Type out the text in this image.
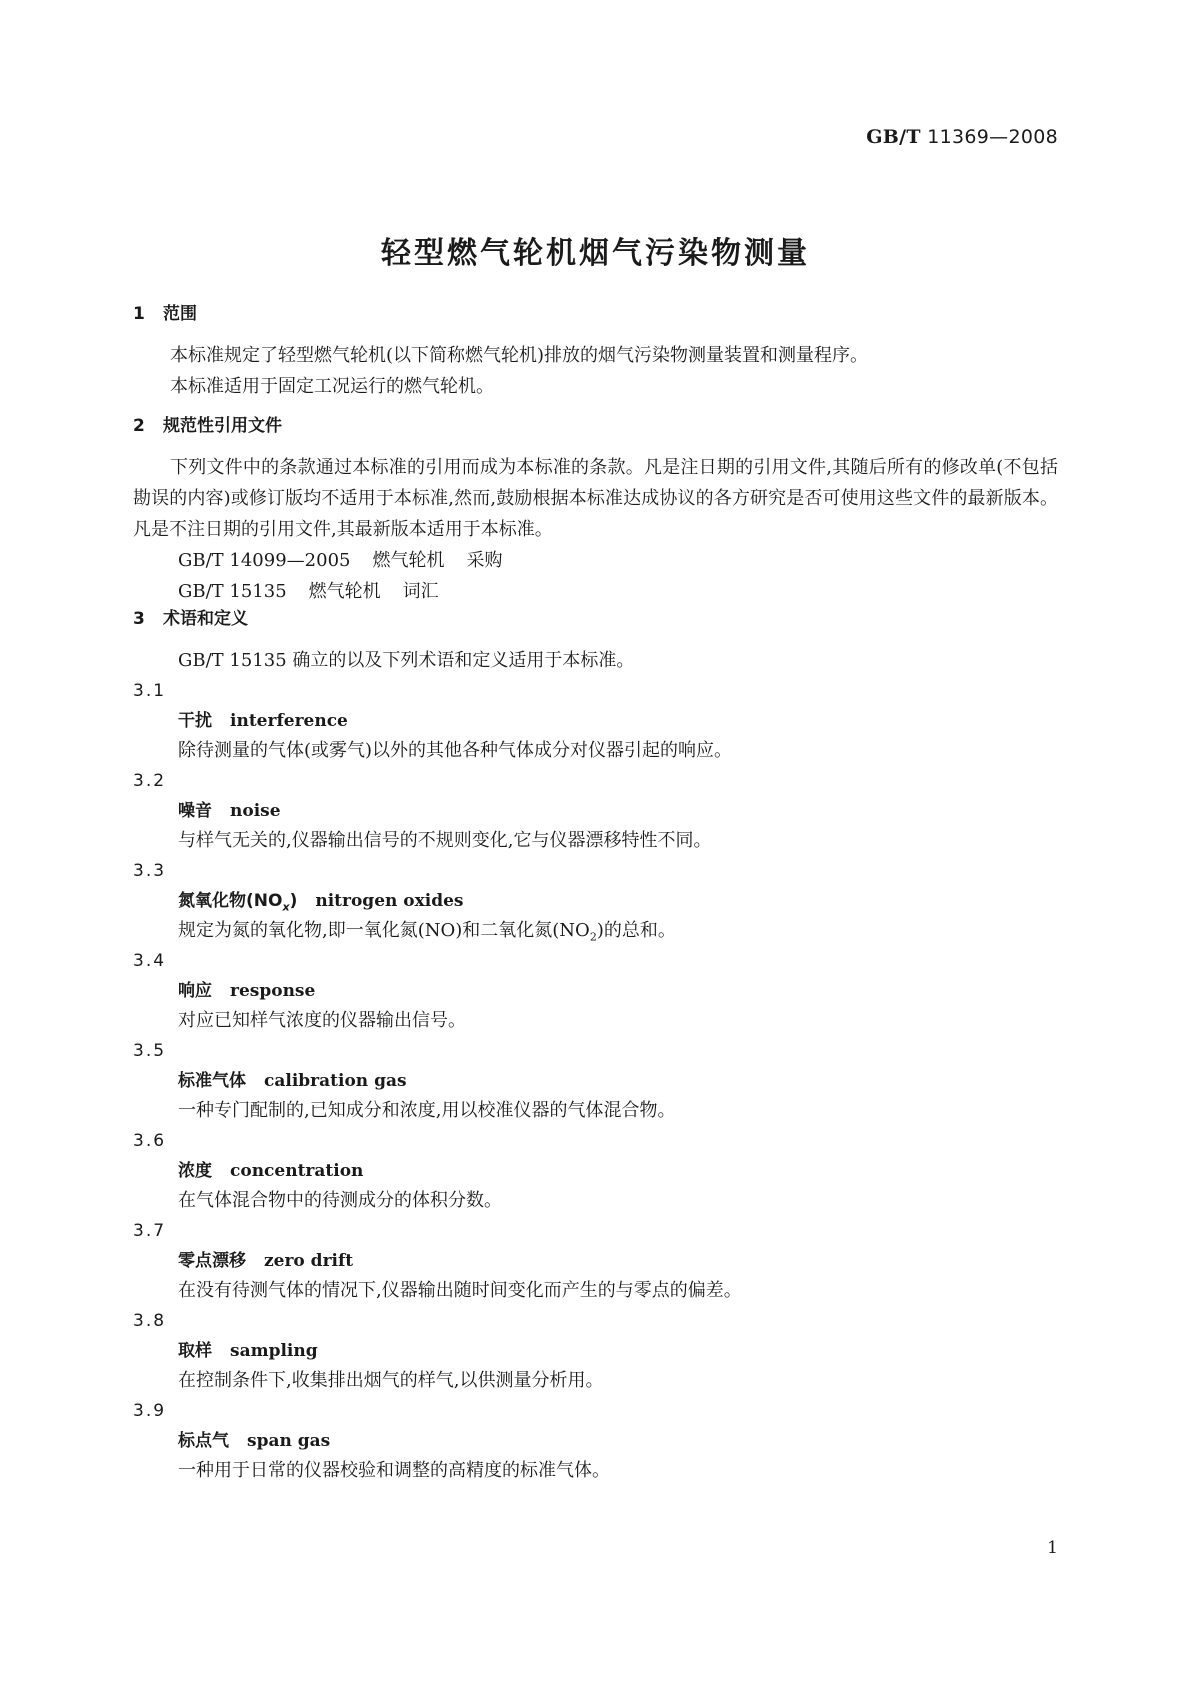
GB/T 11369—2008
轻型燃气轮机烟气污染物测量
1 范围

本标准规定了轻型燃气轮机(以下简称燃气轮机)排放的烟气污染物测量装置和测量程序。

本标准适用于固定工况运行的燃气轮机。

2 规范性引用文件

下列文件中的条款通过本标准的引用而成为本标准的条款。凡是注日期的引用文件,其随后所有的修改单(不包括勘误的内容)或修订版均不适用于本标准,然而,鼓励根据本标准达成协议的各方研究是否可使用这些文件的最新版本。凡是不注日期的引用文件,其最新版本适用于本标准。

GB/T 14099—2005 燃气轮机 采购
GB/T 15135 燃气轮机 词汇
3 术语和定义
GB/T 15135 确立的以及下列术语和定义适用于本标准。
3.1
干扰 interference
除待测量的气体(或雾气)以外的其他各种气体成分对仪器引起的响应。
3.2
噪音 noise
与样气无关的,仪器输出信号的不规则变化,它与仪器漂移特性不同。
3.3
氮氧化物$(NO_x)$ nitrogen oxides
规定为氮的氧化物,即一氧化氮(NO)和二氧化氮$(NO_2)$的总和。
3.4
响应 response
对应已知样气浓度的仪器输出信号。
3.5
标准气体 calibration gas
一种专门配制的,已知成分和浓度,用以校准仪器的气体混合物。
3.6
浓度 concentration
在气体混合物中的待测成分的体积分数。
3.7
零点漂移 zero drift
在没有待测气体的情况下,仪器输出随时间变化而产生的与零点的偏差。
3.8
取样 sampling
在控制条件下,收集排出烟气的样气,以供测量分析用。
3.9
标点气 span gas
一种用于日常的仪器校验和调整的高精度的标准气体。
1
